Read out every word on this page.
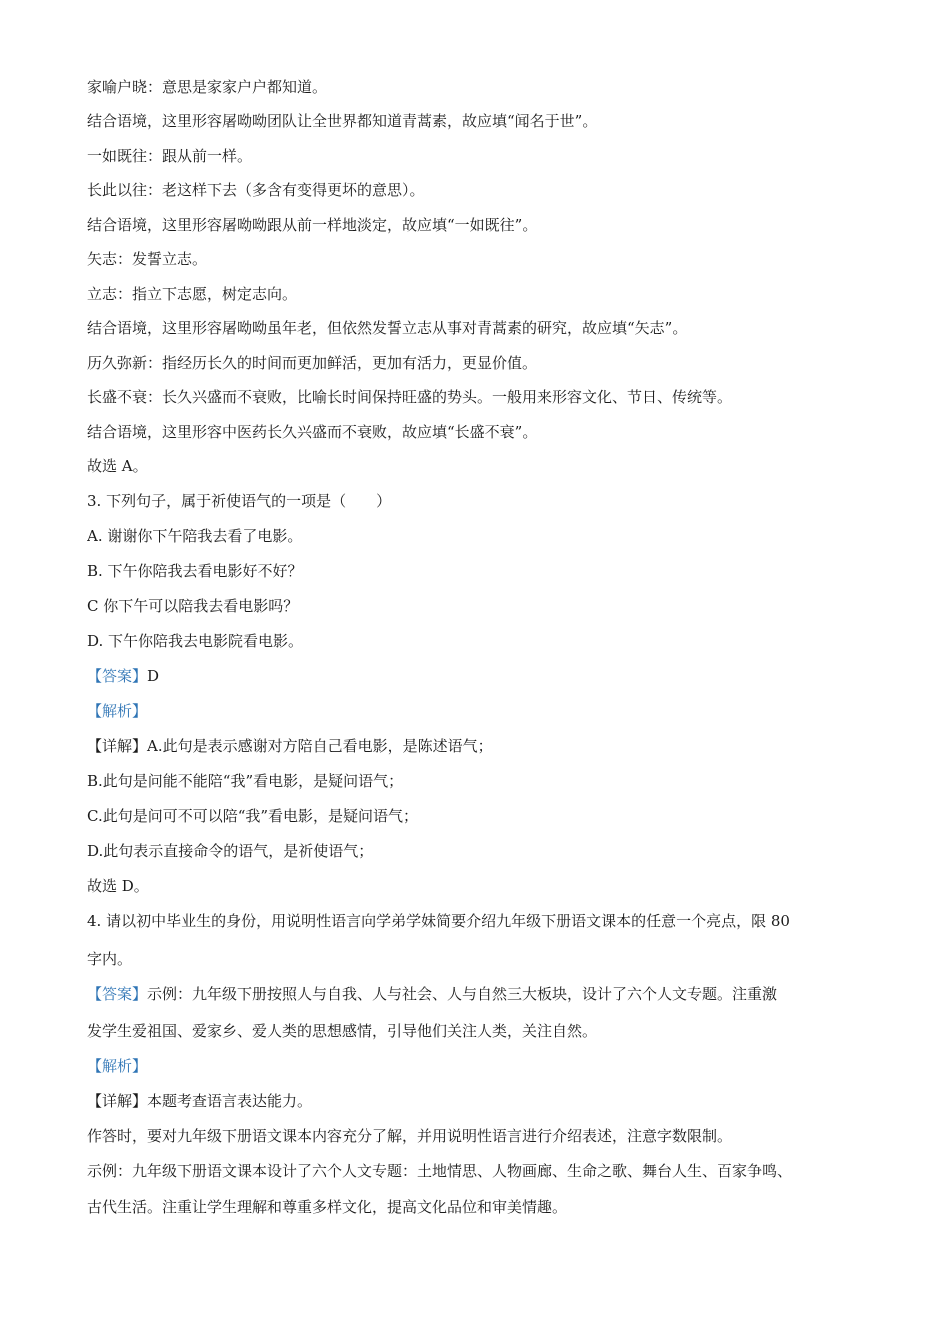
家喻户晓：意思是家家户户都知道。
结合语境，这里形容屠呦呦团队让全世界都知道青蒿素，故应填“闻名于世”。
一如既往：跟从前一样。
长此以往：老这样下去（多含有变得更坏的意思）。
结合语境，这里形容屠呦呦跟从前一样地淡定，故应填“一如既往”。
矢志：发誓立志。
立志：指立下志愿，树定志向。
结合语境，这里形容屠呦呦虽年老，但依然发誓立志从事对青蒿素的研究，故应填“矢志”。
历久弥新：指经历长久的时间而更加鲜活，更加有活力，更显价值。
长盛不衰：长久兴盛而不衰败，比喻长时间保持旺盛的势头。一般用来形容文化、节日、传统等。
结合语境，这里形容中医药长久兴盛而不衰败，故应填“长盛不衰”。
故选 A。
3. 下列句子，属于祈使语气的一项是（　　）
A. 谢谢你下午陪我去看了电影。
B. 下午你陪我去看电影好不好？
C 你下午可以陪我去看电影吗？
D. 下午你陪我去电影院看电影。
【答案】D
【解析】
【详解】A.此句是表示感谢对方陪自己看电影，是陈述语气；
B.此句是问能不能陪“我”看电影，是疑问语气；
C.此句是问可不可以陪“我”看电影，是疑问语气；
D.此句表示直接命令的语气，是祈使语气；
故选 D。
4. 请以初中毕业生的身份，用说明性语言向学弟学妹简要介绍九年级下册语文课本的任意一个亮点，限 80
字内。
【答案】示例：九年级下册按照人与自我、人与社会、人与自然三大板块，设计了六个人文专题。注重激
发学生爱祖国、爱家乡、爱人类的思想感情，引导他们关注人类，关注自然。
【解析】
【详解】本题考查语言表达能力。
作答时，要对九年级下册语文课本内容充分了解，并用说明性语言进行介绍表述，注意字数限制。
示例：九年级下册语文课本设计了六个人文专题：土地情思、人物画廊、生命之歌、舞台人生、百家争鸣、
古代生活。注重让学生理解和尊重多样文化，提高文化品位和审美情趣。
